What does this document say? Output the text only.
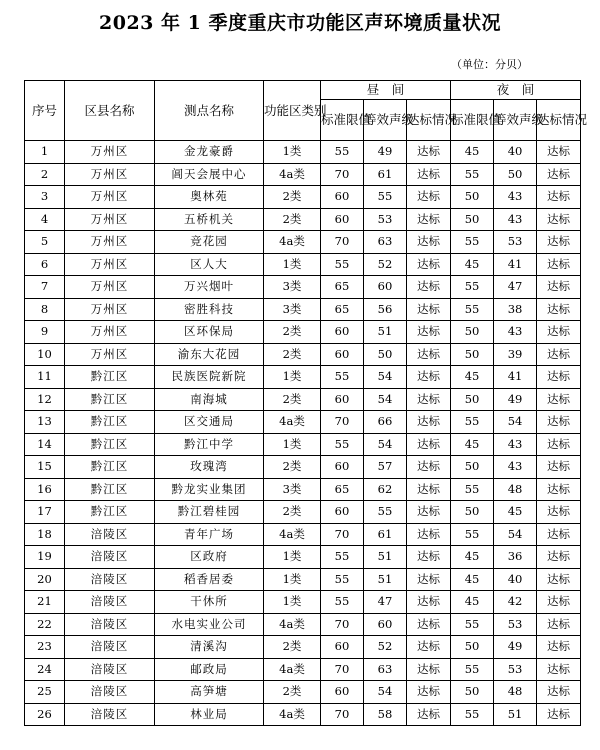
2023 年 1 季度重庆市功能区声环境质量状况
（单位：分贝）
序号	区县名称	测点名称	功能区类别	昼　间			夜　间		
				标准限值	等效声级	达标情况	标准限值	等效声级	达标情况
1	万州区	金龙豪爵	1类	55	49	达标	45	40	达标
2	万州区	阊天会展中心	4a类	70	61	达标	55	50	达标
3	万州区	奥林苑	2类	60	55	达标	50	43	达标
4	万州区	五桥机关	2类	60	53	达标	50	43	达标
5	万州区	竞花园	4a类	70	63	达标	55	53	达标
6	万州区	区人大	1类	55	52	达标	45	41	达标
7	万州区	万兴烟叶	3类	65	60	达标	55	47	达标
8	万州区	密胜科技	3类	65	56	达标	55	38	达标
9	万州区	区环保局	2类	60	51	达标	50	43	达标
10	万州区	渝东大花园	2类	60	50	达标	50	39	达标
11	黔江区	民族医院新院	1类	55	54	达标	45	41	达标
12	黔江区	南海城	2类	60	54	达标	50	49	达标
13	黔江区	区交通局	4a类	70	66	达标	55	54	达标
14	黔江区	黔江中学	1类	55	54	达标	45	43	达标
15	黔江区	玫瑰湾	2类	60	57	达标	50	43	达标
16	黔江区	黔龙实业集团	3类	65	62	达标	55	48	达标
17	黔江区	黔江碧桂园	2类	60	55	达标	50	45	达标
18	涪陵区	青年广场	4a类	70	61	达标	55	54	达标
19	涪陵区	区政府	1类	55	51	达标	45	36	达标
20	涪陵区	稻香居委	1类	55	51	达标	45	40	达标
21	涪陵区	干休所	1类	55	47	达标	45	42	达标
22	涪陵区	水电实业公司	4a类	70	60	达标	55	53	达标
23	涪陵区	清溪沟	2类	60	52	达标	50	49	达标
24	涪陵区	邮政局	4a类	70	63	达标	55	53	达标
25	涪陵区	高笋塘	2类	60	54	达标	50	48	达标
26	涪陵区	林业局	4a类	70	58	达标	55	51	达标
